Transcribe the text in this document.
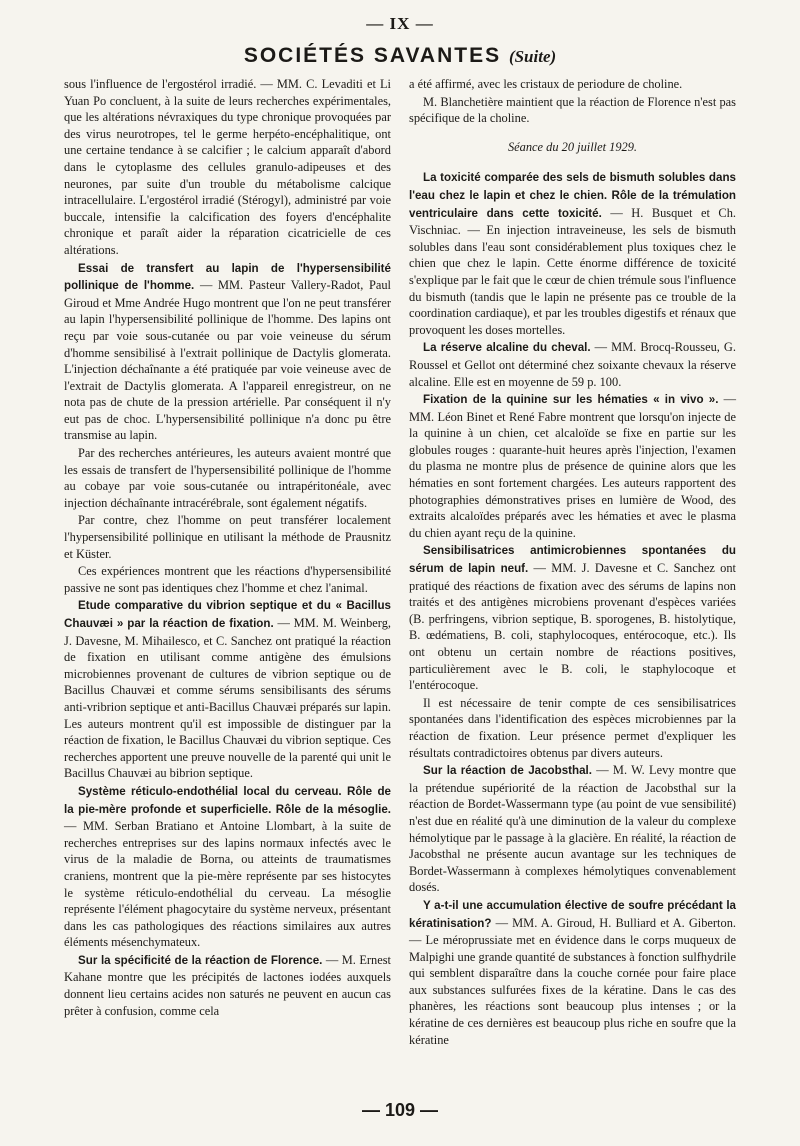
— IX —
SOCIÉTÉS SAVANTES (Suite)

sous l'influence de l'ergostérol irradié. — MM. C. Levaditi et Li Yuan Po concluent, à la suite de leurs recherches expérimentales, que les altérations névraxiques du type chronique provoquées par des virus neurotropes, tel le germe herpéto-encéphalitique, ont une certaine tendance à se calcifier ; le calcium apparaît d'abord dans le cytoplasme des cellules granulo-adipeuses et des neurones, par suite d'un trouble du métabolisme calcique intracellulaire. L'ergostérol irradié (Stérogyl), administré par voie buccale, intensifie la calcification des foyers d'encéphalite chronique et paraît aider la réparation cicatricielle de ces altérations.

Essai de transfert au lapin de l'hypersensibilité pollinique de l'homme. — MM. Pasteur Vallery-Radot, Paul Giroud et Mme Andrée Hugo montrent que l'on ne peut transférer au lapin l'hypersensibilité pollinique de l'homme. Des lapins ont reçu par voie sous-cutanée ou par voie veineuse du sérum d'homme sensibilisé à l'extrait pollinique de Dactylis glomerata. L'injection déchaînante a été pratiquée par voie veineuse avec de l'extrait de Dactylis glomerata. A l'appareil enregistreur, on ne nota pas de chute de la pression artérielle. Par conséquent il n'y eut pas de choc. L'hypersensibilité pollinique n'a donc pu être transmise au lapin.

Par des recherches antérieures, les auteurs avaient montré que les essais de transfert de l'hypersensibilité pollinique de l'homme au cobaye par voie sous-cutanée ou intrapéritonéale, avec injection déchaînante intracérébrale, sont également négatifs.

Par contre, chez l'homme on peut transférer localement l'hypersensibilité pollinique en utilisant la méthode de Prausnitz et Küster.

Ces expériences montrent que les réactions d'hypersensibilité passive ne sont pas identiques chez l'homme et chez l'animal.

Etude comparative du vibrion septique et du « Bacillus Chauvæi » par la réaction de fixation. — MM. M. Weinberg, J. Davesne, M. Mihailesco, et C. Sanchez ont pratiqué la réaction de fixation en utilisant comme antigène des émulsions microbiennes provenant de cultures de vibrion septique ou de Bacillus Chauvæi et comme sérums sensibilisants des sérums anti-vribrion septique et anti-Bacillus Chauvæi préparés sur lapin. Les auteurs montrent qu'il est impossible de distinguer par la réaction de fixation, le Bacillus Chauvæi du vibrion septique. Ces recherches apportent une preuve nouvelle de la parenté qui unit le Bacillus Chauvæi au bibrion septique.

Système réticulo-endothélial local du cerveau. Rôle de la pie-mère profonde et superficielle. Rôle de la mésoglie. — MM. Serban Bratiano et Antoine Llombart, à la suite de recherches entreprises sur des lapins normaux infectés avec le virus de la maladie de Borna, ou atteints de traumatismes craniens, montrent que la pie-mère représente par ses histocytes le système réticulo-endothélial du cerveau. La mésoglie représente l'élément phagocytaire du système nerveux, présentant dans les cas pathologiques des réactions similaires aux autres éléments mésenchymateux.

Sur la spécificité de la réaction de Florence. — M. Ernest Kahane montre que les précipités de lactones iodées auxquels donnent lieu certains acides non saturés ne peuvent en aucun cas prêter à confusion, comme cela

a été affirmé, avec les cristaux de periodure de choline.

M. Blanchetière maintient que la réaction de Florence n'est pas spécifique de la choline.

Séance du 20 juillet 1929.

La toxicité comparée des sels de bismuth solubles dans l'eau chez le lapin et chez le chien. Rôle de la trémulation ventriculaire dans cette toxicité. — H. Busquet et Ch. Vischniac. — En injection intraveineuse, les sels de bismuth solubles dans l'eau sont considérablement plus toxiques chez le chien que chez le lapin. Cette énorme différence de toxicité s'explique par le fait que le cœur de chien trémule sous l'influence du bismuth (tandis que le lapin ne présente pas ce trouble de la coordination cardiaque), et par les troubles digestifs et rénaux que provoquent les doses mortelles.

La réserve alcaline du cheval. — MM. Brocq-Rousseu, G. Roussel et Gellot ont déterminé chez soixante chevaux la réserve alcaline. Elle est en moyenne de 59 p. 100.

Fixation de la quinine sur les hématies « in vivo ». — MM. Léon Binet et René Fabre montrent que lorsqu'on injecte de la quinine à un chien, cet alcaloïde se fixe en partie sur les globules rouges : quarante-huit heures après l'injection, l'examen du plasma ne montre plus de présence de quinine alors que les hématies en sont fortement chargées. Les auteurs rapportent des photographies démonstratives prises en lumière de Wood, des extraits alcaloïdes préparés avec les hématies et avec le plasma du chien ayant reçu de la quinine.

Sensibilisatrices antimicrobiennes spontanées du sérum de lapin neuf. — MM. J. Davesne et C. Sanchez ont pratiqué des réactions de fixation avec des sérums de lapins non traités et des antigènes microbiens provenant d'espèces variées (B. perfringens, vibrion septique, B. sporogenes, B. histolytique, B. œdématiens, B. coli, staphylocoques, entérocoque, etc.). Ils ont obtenu un certain nombre de réactions positives, particulièrement avec le B. coli, le staphylocoque et l'entérocoque.

Il est nécessaire de tenir compte de ces sensibilisatrices spontanées dans l'identification des espèces microbiennes par la réaction de fixation. Leur présence permet d'expliquer les résultats contradictoires obtenus par divers auteurs.

Sur la réaction de Jacobsthal. — M. W. Levy montre que la prétendue supériorité de la réaction de Jacobsthal sur la réaction de Bordet-Wassermann type (au point de vue sensibilité) n'est due en réalité qu'à une diminution de la valeur du complexe hémolytique par le passage à la glacière. En réalité, la réaction de Jacobsthal ne présente aucun avantage sur les techniques de Bordet-Wassermann à complexes hémolytiques convenablement dosés.

Y a-t-il une accumulation élective de soufre précédant la kératinisation? — MM. A. Giroud, H. Bulliard et A. Giberton. — Le méroprussiate met en évidence dans le corps muqueux de Malpighi une grande quantité de substances à fonction sulfhydrile qui semblent disparaître dans la couche cornée pour faire place aux substances sulfurées fixes de la kératine. Dans le cas des phanères, les réactions sont beaucoup plus intenses ; or la kératine de ces dernières est beaucoup plus riche en soufre que la kératine

— 109 —
